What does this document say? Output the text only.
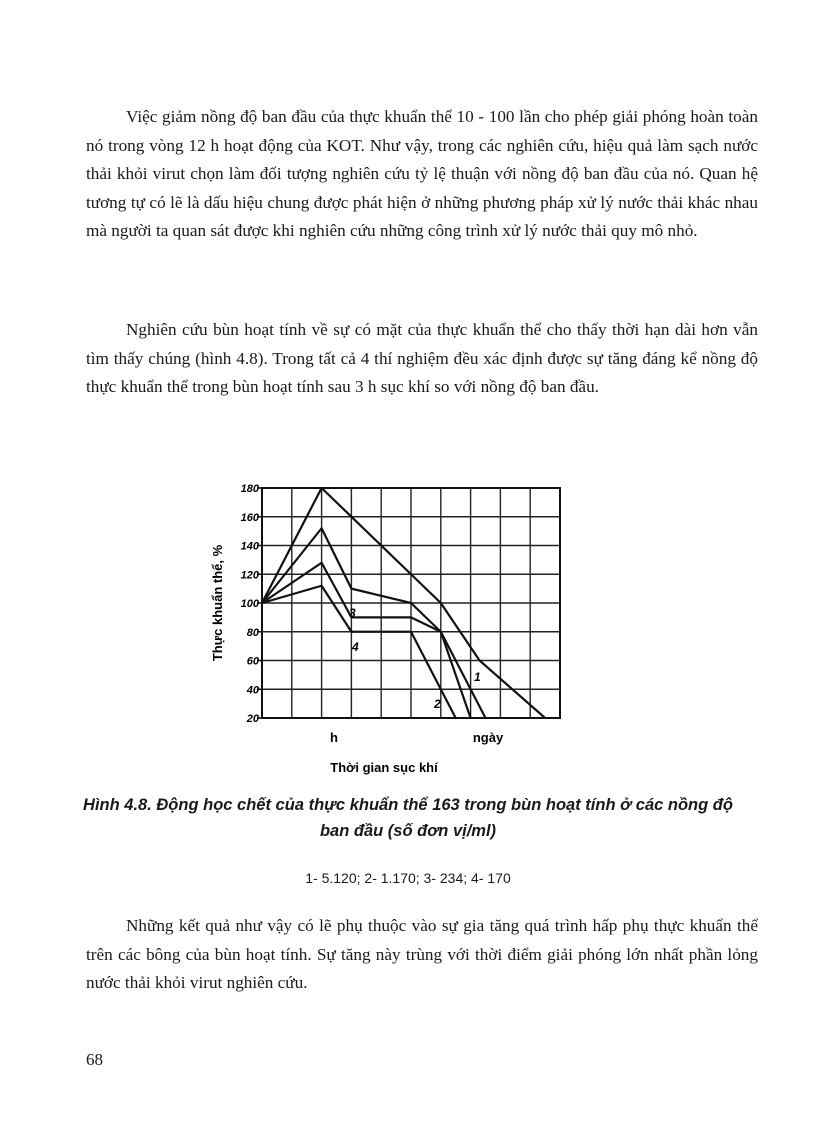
Việc giảm nồng độ ban đầu của thực khuẩn thể 10 - 100 lần cho phép giải phóng hoàn toàn nó trong vòng 12 h hoạt động của KOT. Như vậy, trong các nghiên cứu, hiệu quả làm sạch nước thải khỏi virut chọn làm đối tượng nghiên cứu tỷ lệ thuận với nồng độ ban đầu của nó. Quan hệ tương tự có lẽ là dấu hiệu chung được phát hiện ở những phương pháp xử lý nước thải khác nhau mà người ta quan sát được khi nghiên cứu những công trình xử lý nước thải quy mô nhỏ.

Nghiên cứu bùn hoạt tính về sự có mặt của thực khuẩn thể cho thấy thời hạn dài hơn vẫn tìm thấy chúng (hình 4.8). Trong tất cả 4 thí nghiệm đều xác định được sự tăng đáng kể nồng độ thực khuẩn thể trong bùn hoạt tính sau 3 h sục khí so với nồng độ ban đầu.

20
40
60
80
100
120
140
160
180
1
2
3
4
Thực khuẩn thể, %
h	ngày
Thời gian sục khí

Hình 4.8. Động học chết của thực khuẩn thể 163 trong bùn hoạt tính ở các nồng độ ban đầu (số đơn vị/ml)

1- 5.120; 2- 1.170; 3- 234; 4- 170

Những kết quả như vậy có lẽ phụ thuộc vào sự gia tăng quá trình hấp phụ thực khuẩn thể trên các bông của bùn hoạt tính. Sự tăng này trùng với thời điểm giải phóng lớn nhất phần lỏng nước thải khỏi virut nghiên cứu.

68
